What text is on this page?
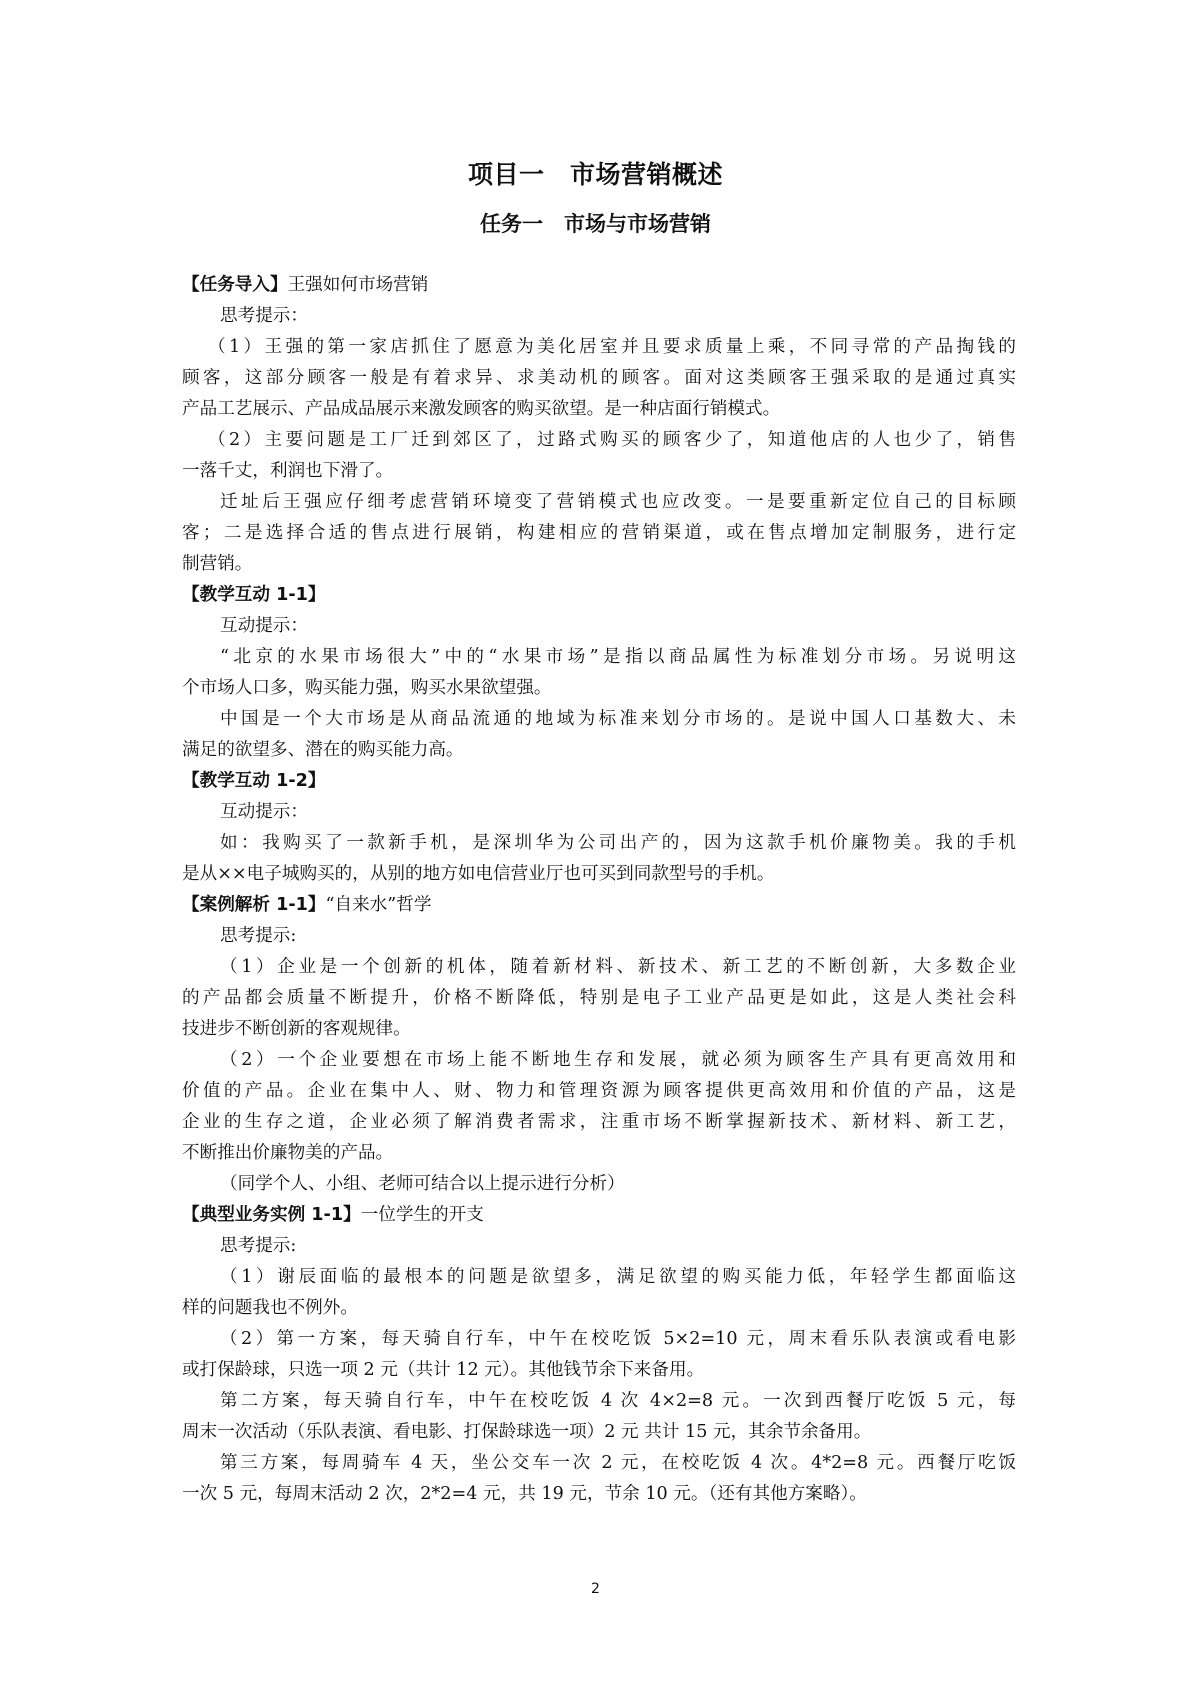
项目一　市场营销概述
任务一　市场与市场营销
【任务导入】王强如何市场营销
思考提示：
（1）王强的第一家店抓住了愿意为美化居室并且要求质量上乘，不同寻常的产品掏钱的
顾客，这部分顾客一般是有着求异、求美动机的顾客。面对这类顾客王强采取的是通过真实
产品工艺展示、产品成品展示来激发顾客的购买欲望。是一种店面行销模式。
（2）主要问题是工厂迁到郊区了，过路式购买的顾客少了，知道他店的人也少了，销售
一落千丈，利润也下滑了。
迁址后王强应仔细考虑营销环境变了营销模式也应改变。一是要重新定位自己的目标顾
客；二是选择合适的售点进行展销，构建相应的营销渠道，或在售点增加定制服务，进行定
制营销。
【教学互动 1-1】
互动提示：
“北京的水果市场很大”中的“水果市场”是指以商品属性为标准划分市场。另说明这
个市场人口多，购买能力强，购买水果欲望强。
中国是一个大市场是从商品流通的地域为标准来划分市场的。是说中国人口基数大、未
满足的欲望多、潜在的购买能力高。
【教学互动 1-2】
互动提示：
如：我购买了一款新手机，是深圳华为公司出产的，因为这款手机价廉物美。我的手机
是从××电子城购买的，从别的地方如电信营业厅也可买到同款型号的手机。
【案例解析 1-1】“自来水”哲学
思考提示:
（1）企业是一个创新的机体，随着新材料、新技术、新工艺的不断创新，大多数企业
的产品都会质量不断提升，价格不断降低，特别是电子工业产品更是如此，这是人类社会科
技进步不断创新的客观规律。
（2）一个企业要想在市场上能不断地生存和发展，就必须为顾客生产具有更高效用和
价值的产品。企业在集中人、财、物力和管理资源为顾客提供更高效用和价值的产品，这是
企业的生存之道，企业必须了解消费者需求，注重市场不断掌握新技术、新材料、新工艺，
不断推出价廉物美的产品。
（同学个人、小组、老师可结合以上提示进行分析）
【典型业务实例 1-1】一位学生的开支
思考提示:
（1）谢辰面临的最根本的问题是欲望多，满足欲望的购买能力低，年轻学生都面临这
样的问题我也不例外。
（2）第一方案，每天骑自行车，中午在校吃饭 5×2=10 元，周末看乐队表演或看电影
或打保龄球，只选一项 2 元（共计 12 元）。其他钱节余下来备用。
第二方案，每天骑自行车，中午在校吃饭 4 次 4×2=8 元。一次到西餐厅吃饭 5 元，每
周末一次活动（乐队表演、看电影、打保龄球选一项）2 元 共计 15 元，其余节余备用。
第三方案，每周骑车 4 天，坐公交车一次 2 元，在校吃饭 4 次。4*2=8 元。西餐厅吃饭
一次 5 元，每周末活动 2 次，2*2=4 元，共 19 元，节余 10 元。（还有其他方案略）。
2
